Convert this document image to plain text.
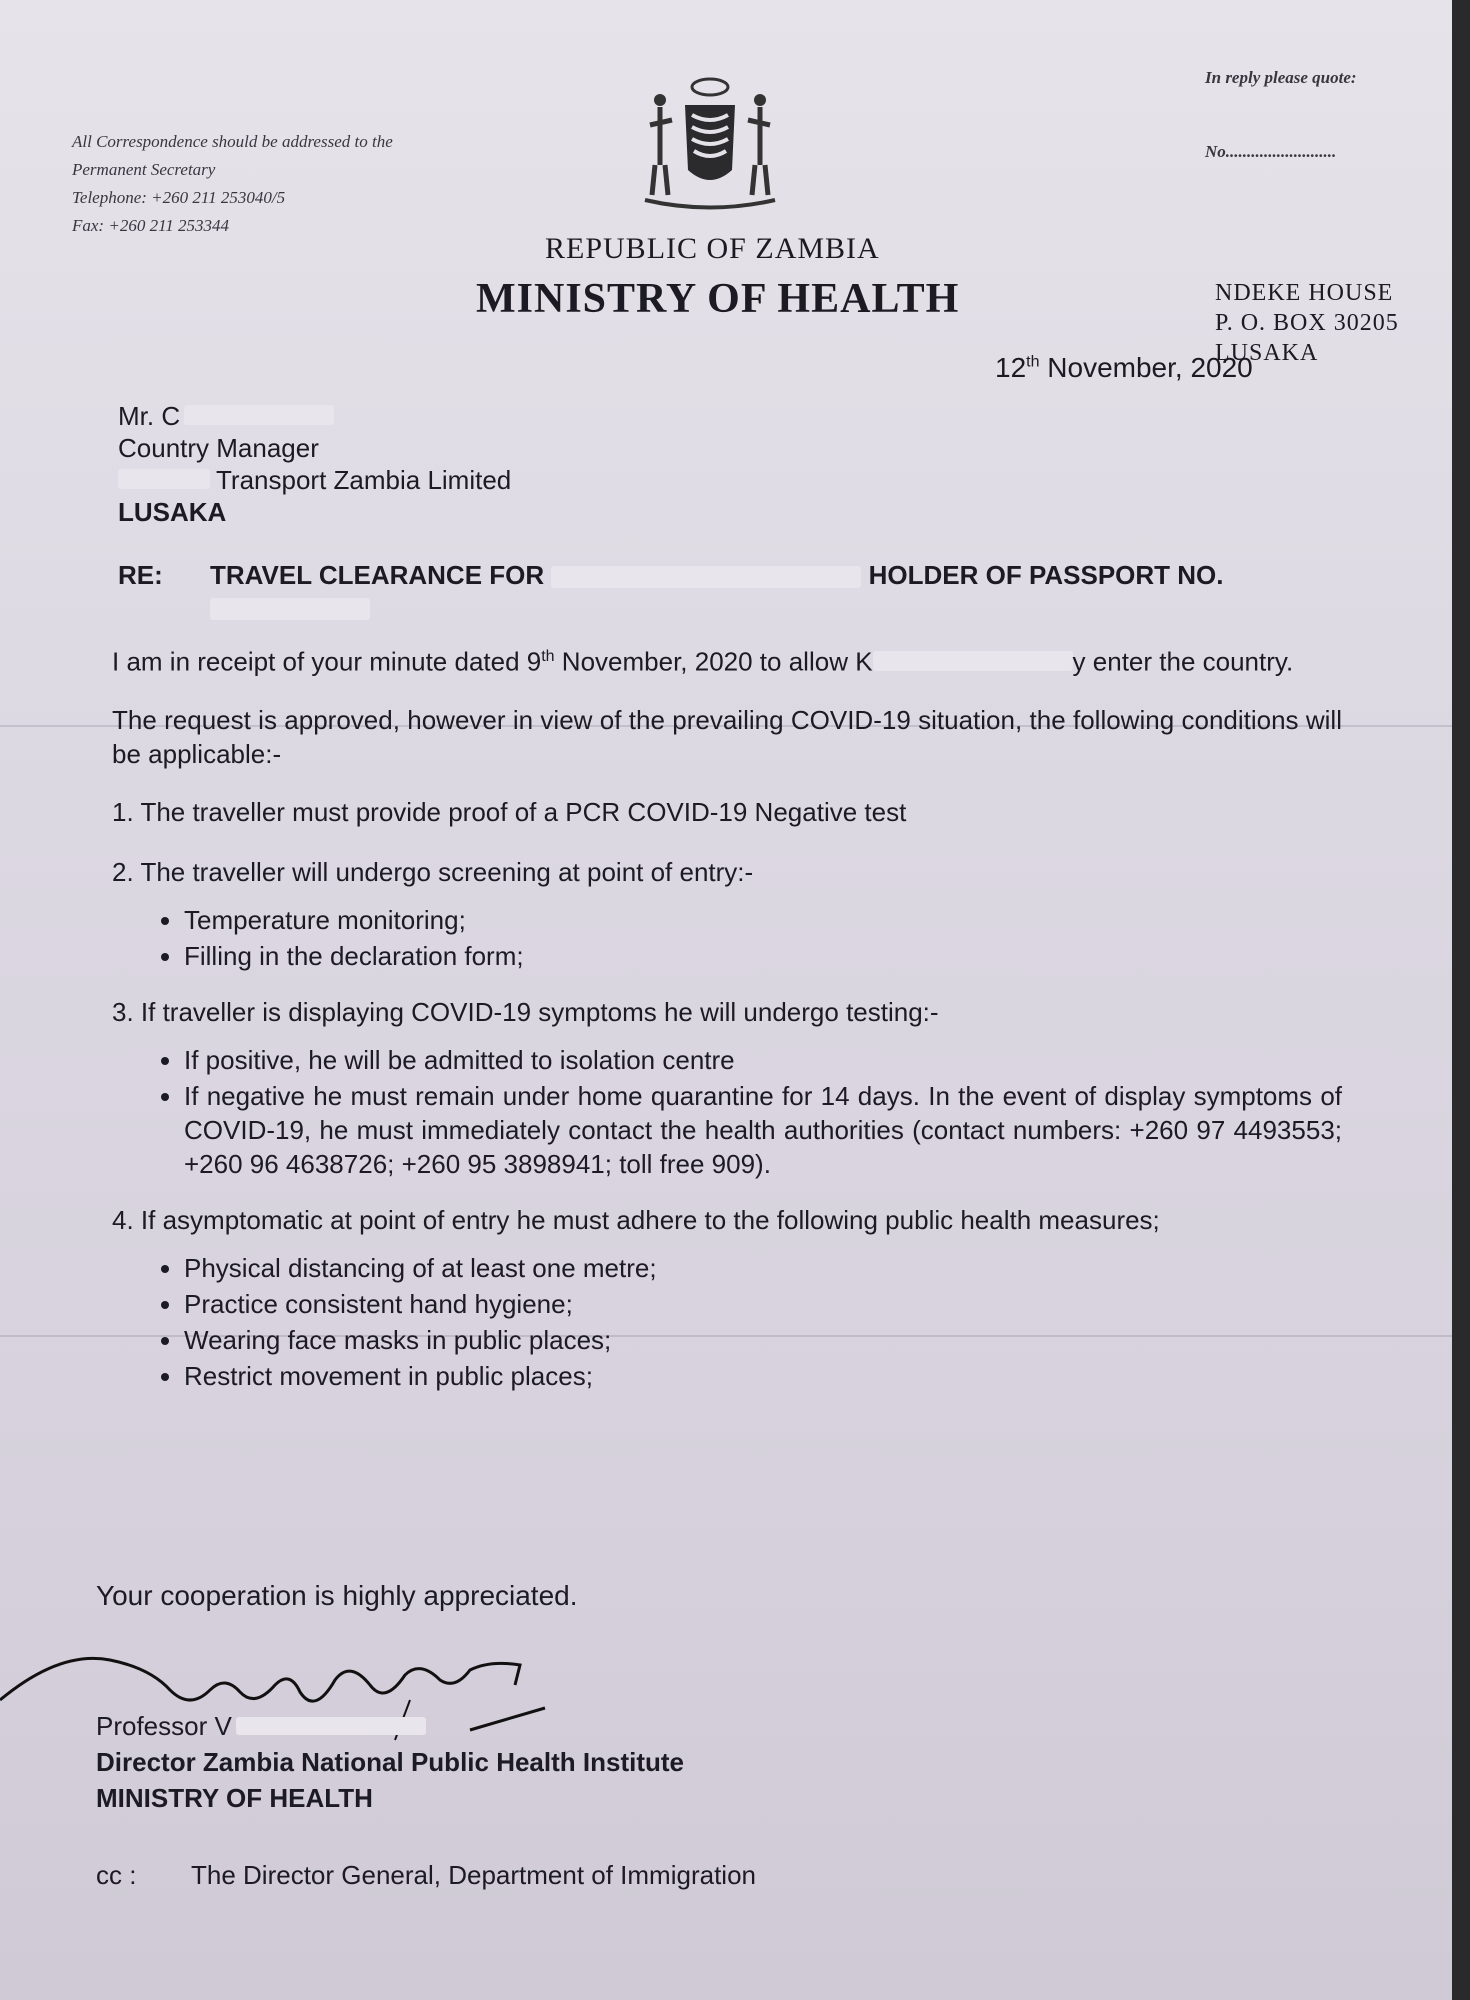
All Correspondence should be addressed to the
Permanent Secretary
Telephone: +260 211 253040/5
Fax: +260 211 253344
In reply please quote:
No..........................
REPUBLIC OF ZAMBIA
MINISTRY OF HEALTH	NDEKE HOUSE
P. O. BOX 30205
LUSAKA
12th November, 2020
Mr. C
Country Manager
Transport Zambia Limited
LUSAKA
RE: TRAVEL CLEARANCE FOR	HOLDER OF PASSPORT NO.

I am in receipt of your minute dated 9th November, 2020 to allow K	y enter the country.

The request is approved, however in view of the prevailing COVID-19 situation, the following conditions will be applicable:-

1. The traveller must provide proof of a PCR COVID-19 Negative test
2. The traveller will undergo screening at point of entry:-
• Temperature monitoring;
• Filling in the declaration form;
3. If traveller is displaying COVID-19 symptoms he will undergo testing:-
• If positive, he will be admitted to isolation centre
• If negative he must remain under home quarantine for 14 days. In the event of display symptoms of COVID-19, he must immediately contact the health authorities (contact numbers: +260 97 4493553; +260 96 4638726; +260 95 3898941; toll free 909).
4. If asymptomatic at point of entry he must adhere to the following public health measures;
• Physical distancing of at least one metre;
• Practice consistent hand hygiene;
• Wearing face masks in public places;
• Restrict movement in public places;
Your cooperation is highly appreciated.
Professor V
Director Zambia National Public Health Institute
MINISTRY OF HEALTH
cc : The Director General, Department of Immigration
